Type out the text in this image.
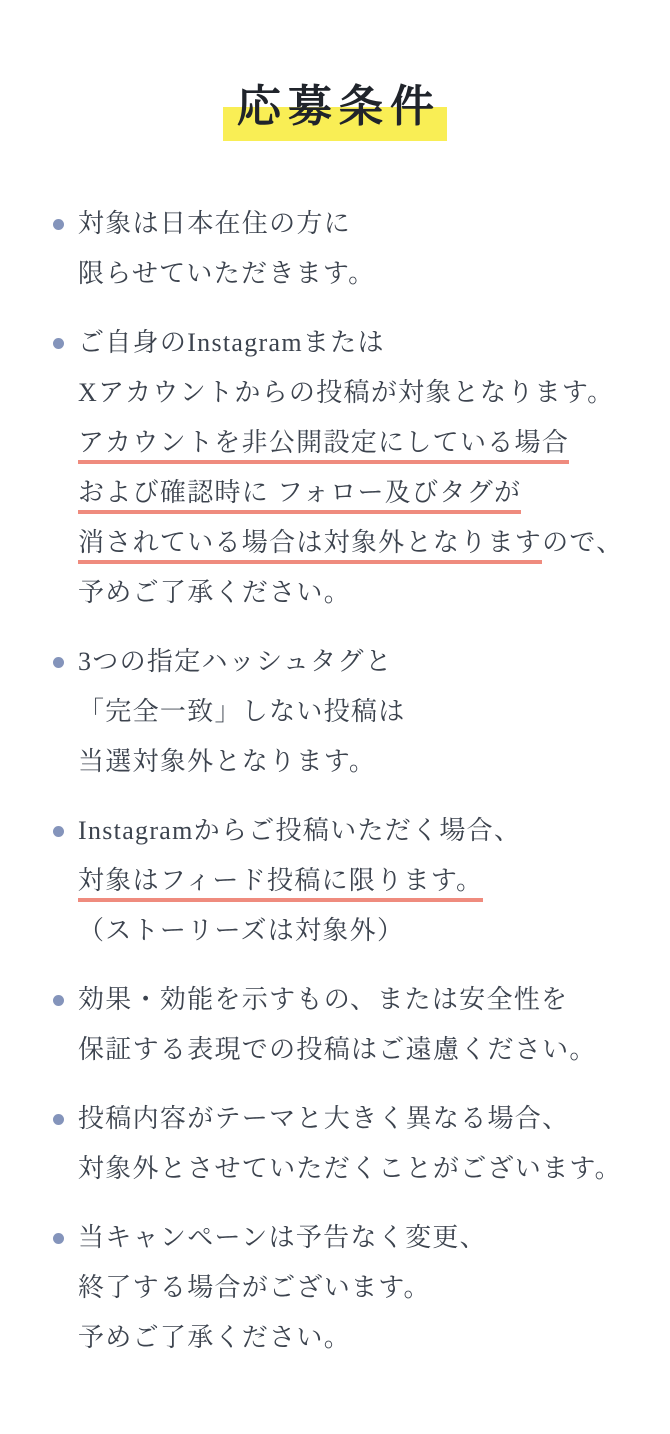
応募条件
対象は日本在住の方に
限らせていただきます。
ご自身のInstagramまたは
Xアカウントからの投稿が対象となります。
アカウントを非公開設定にしている場合
および確認時に フォロー及びタグが
消されている場合は対象外となりますので、
予めご了承ください。
3つの指定ハッシュタグと
「完全一致」しない投稿は
当選対象外となります。
Instagramからご投稿いただく場合、
対象はフィード投稿に限ります。
（ストーリーズは対象外）
効果・効能を示すもの、または安全性を
保証する表現での投稿はご遠慮ください。
投稿内容がテーマと大きく異なる場合、
対象外とさせていただくことがございます。
当キャンペーンは予告なく変更、
終了する場合がございます。
予めご了承ください。
